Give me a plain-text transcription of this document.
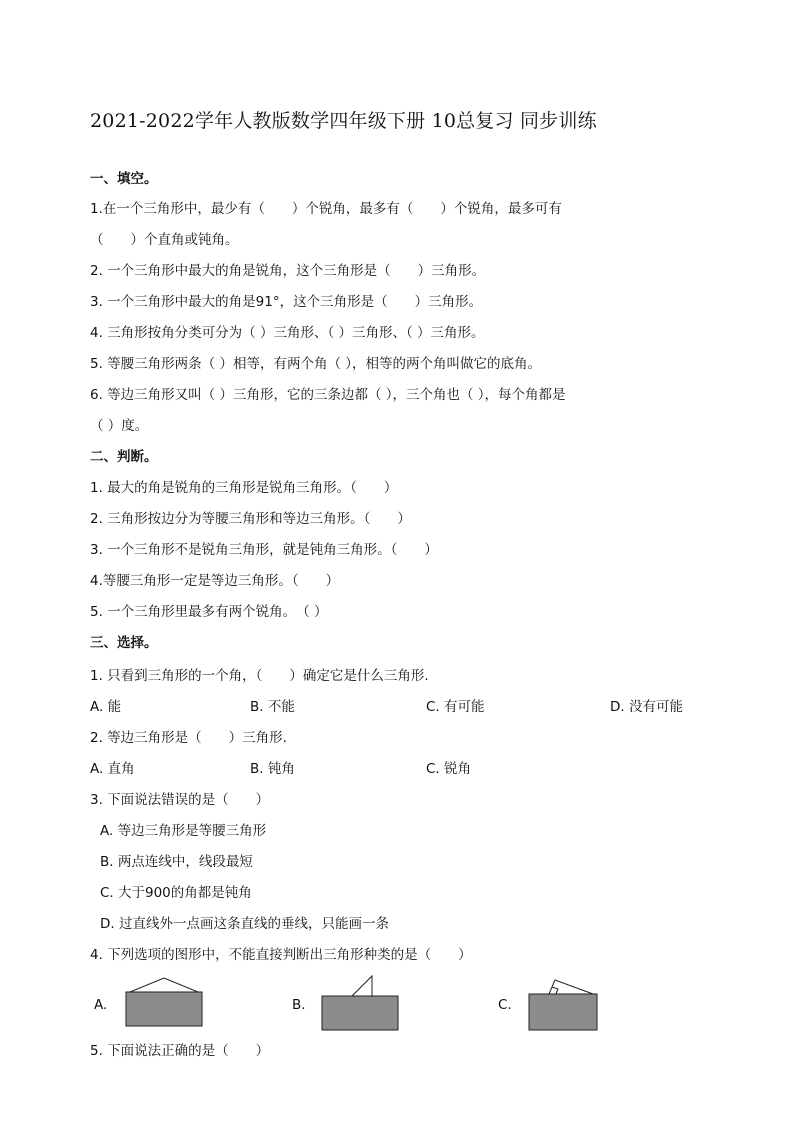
2021-2022学年人教版数学四年级下册 10总复习 同步训练
一、填空。
1.在一个三角形中，最少有（　　）个锐角，最多有（　　）个锐角，最多可有
（　　）个直角或钝角。
2. 一个三角形中最大的角是锐角，这个三角形是（　　）三角形。
3. 一个三角形中最大的角是91°，这个三角形是（　　）三角形。
4. 三角形按角分类可分为（ ）三角形、（ ）三角形、（ ）三角形。
5. 等腰三角形两条（ ）相等，有两个角（ ），相等的两个角叫做它的底角。
6. 等边三角形又叫（ ）三角形，它的三条边都（ ），三个角也（ ），每个角都是
（ ）度。
二、判断。
1. 最大的角是锐角的三角形是锐角三角形。（　　）
2. 三角形按边分为等腰三角形和等边三角形。（　　）
3. 一个三角形不是锐角三角形，就是钝角三角形。（　　）
4.等腰三角形一定是等边三角形。（　　）
5. 一个三角形里最多有两个锐角。　（ ）
三、选择。
1. 只看到三角形的一个角，（　　）确定它是什么三角形.
A. 能	B. 不能	C. 有可能	D. 没有可能
2. 等边三角形是（　　）三角形.
A. 直角	B. 钝角	C. 锐角
3. 下面说法错误的是（　　）
A. 等边三角形是等腰三角形
B. 两点连线中，线段最短
C. 大于900的角都是钝角
D. 过直线外一点画这条直线的垂线，只能画一条
4. 下列选项的图形中，不能直接判断出三角形种类的是（　　）
A.	B.	C.
5. 下面说法正确的是（　　）
